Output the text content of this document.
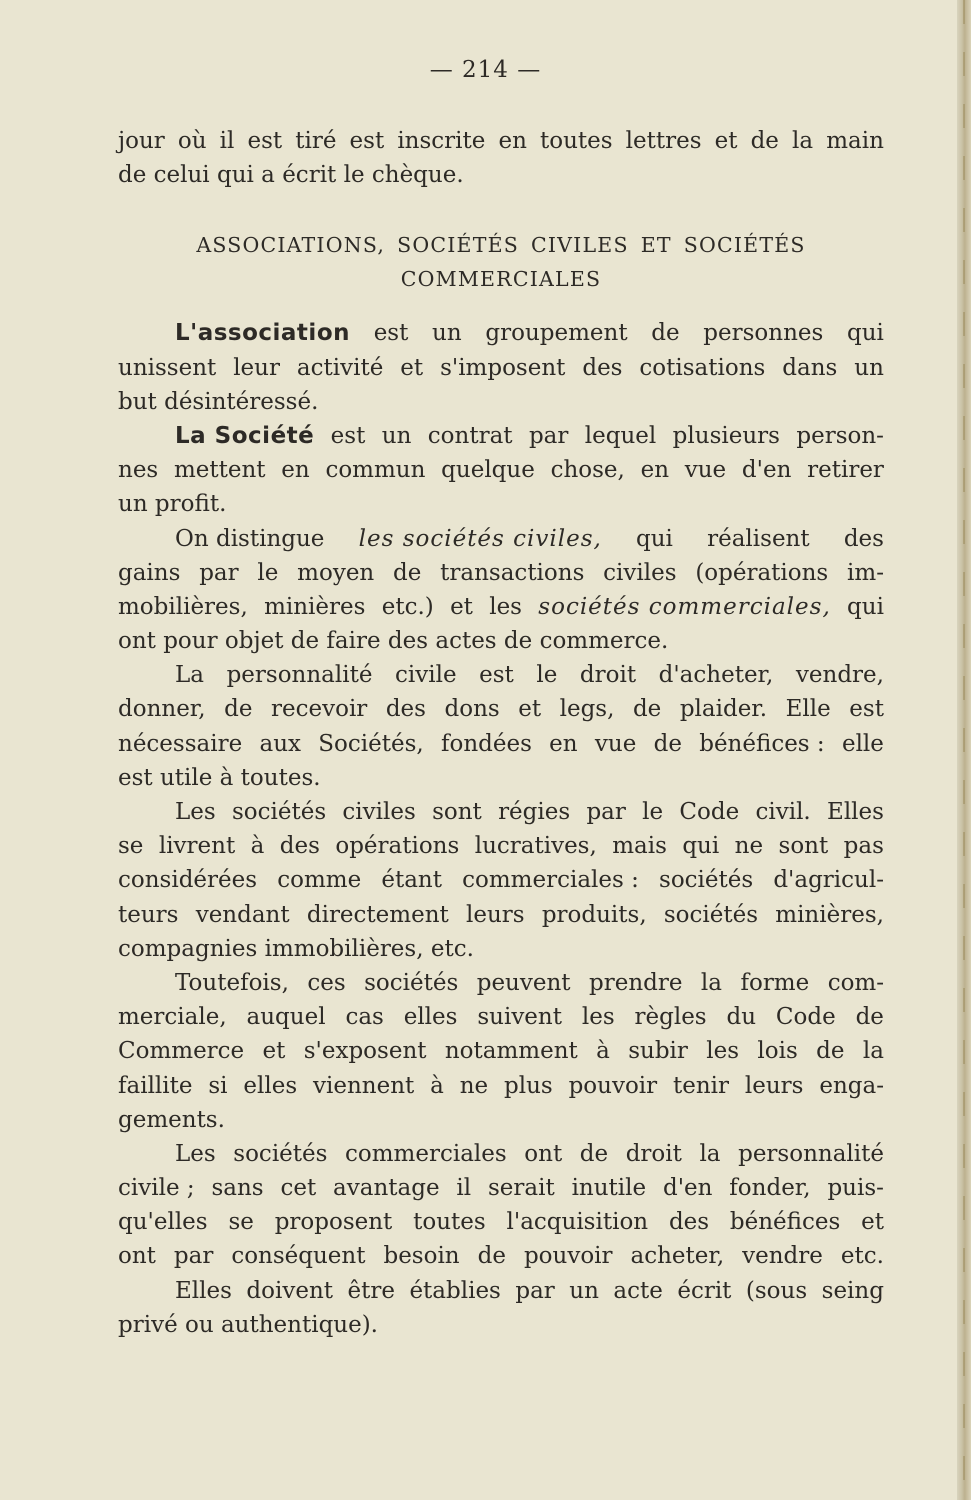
— 214 —
jour où il est tiré est inscrite en toutes lettres et de la main
de celui qui a écrit le chèque.
ASSOCIATIONS, SOCIÉTÉS CIVILES ET SOCIÉTÉS
COMMERCIALES
L'association est un groupement de personnes qui
unissent leur activité et s'imposent des cotisations dans un
but désintéressé.
La Société est un contrat par lequel plusieurs person-
nes mettent en commun quelque chose, en vue d'en retirer
un profit.
On distingue les sociétés civiles, qui réalisent des
gains par le moyen de transactions civiles (opérations im-
mobilières, minières etc.) et les sociétés commerciales, qui
ont pour objet de faire des actes de commerce.
La personnalité civile est le droit d'acheter, vendre,
donner, de recevoir des dons et legs, de plaider. Elle est
nécessaire aux Sociétés, fondées en vue de bénéfices : elle
est utile à toutes.
Les sociétés civiles sont régies par le Code civil. Elles
se livrent à des opérations lucratives, mais qui ne sont pas
considérées comme étant commerciales : sociétés d'agricul-
teurs vendant directement leurs produits, sociétés minières,
compagnies immobilières, etc.
Toutefois, ces sociétés peuvent prendre la forme com-
merciale, auquel cas elles suivent les règles du Code de
Commerce et s'exposent notamment à subir les lois de la
faillite si elles viennent à ne plus pouvoir tenir leurs enga-
gements.
Les sociétés commerciales ont de droit la personnalité
civile ; sans cet avantage il serait inutile d'en fonder, puis-
qu'elles se proposent toutes l'acquisition des bénéfices et
ont par conséquent besoin de pouvoir acheter, vendre etc.
Elles doivent être établies par un acte écrit (sous seing
privé ou authentique).
